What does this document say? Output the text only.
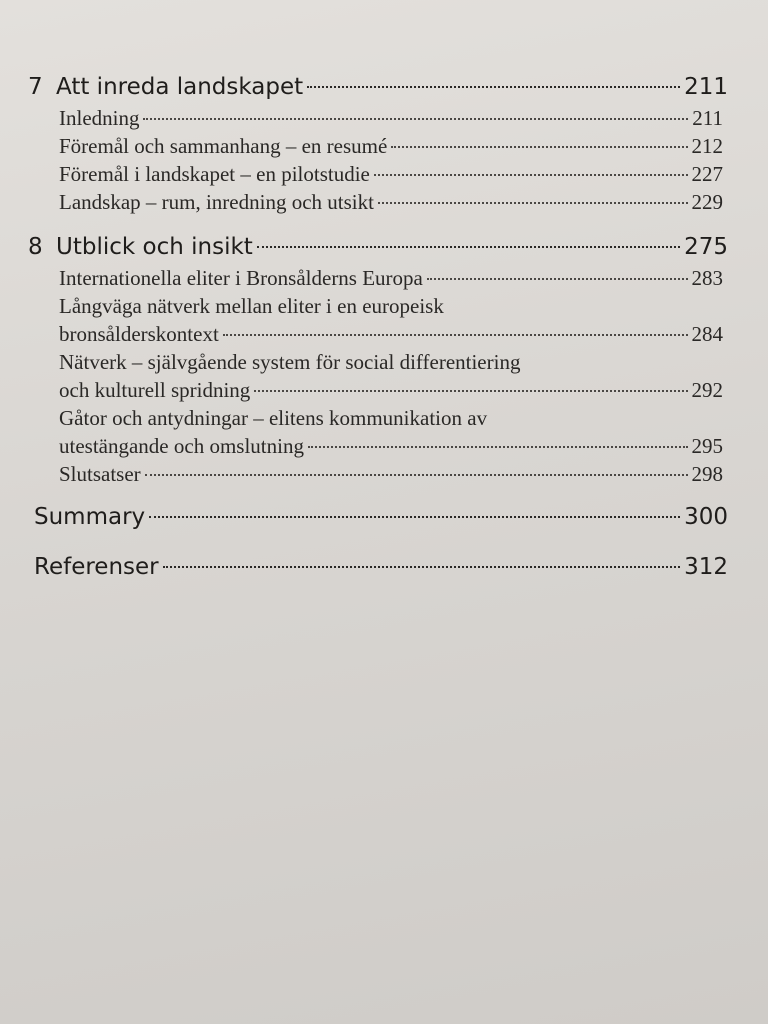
7 Att inreda landskapet	211
Inledning	211
Föremål och sammanhang – en resumé	212
Föremål i landskapet – en pilotstudie	227
Landskap – rum, inredning och utsikt	229
8 Utblick och insikt	275
Internationella eliter i Bronsålderns Europa	283
Långväga nätverk mellan eliter i en europeisk
bronsålderskontext	284
Nätverk – självgående system för social differentiering
och kulturell spridning	292
Gåtor och antydningar – elitens kommunikation av
utestängande och omslutning	295
Slutsatser	298
Summary	300
Referenser	312
